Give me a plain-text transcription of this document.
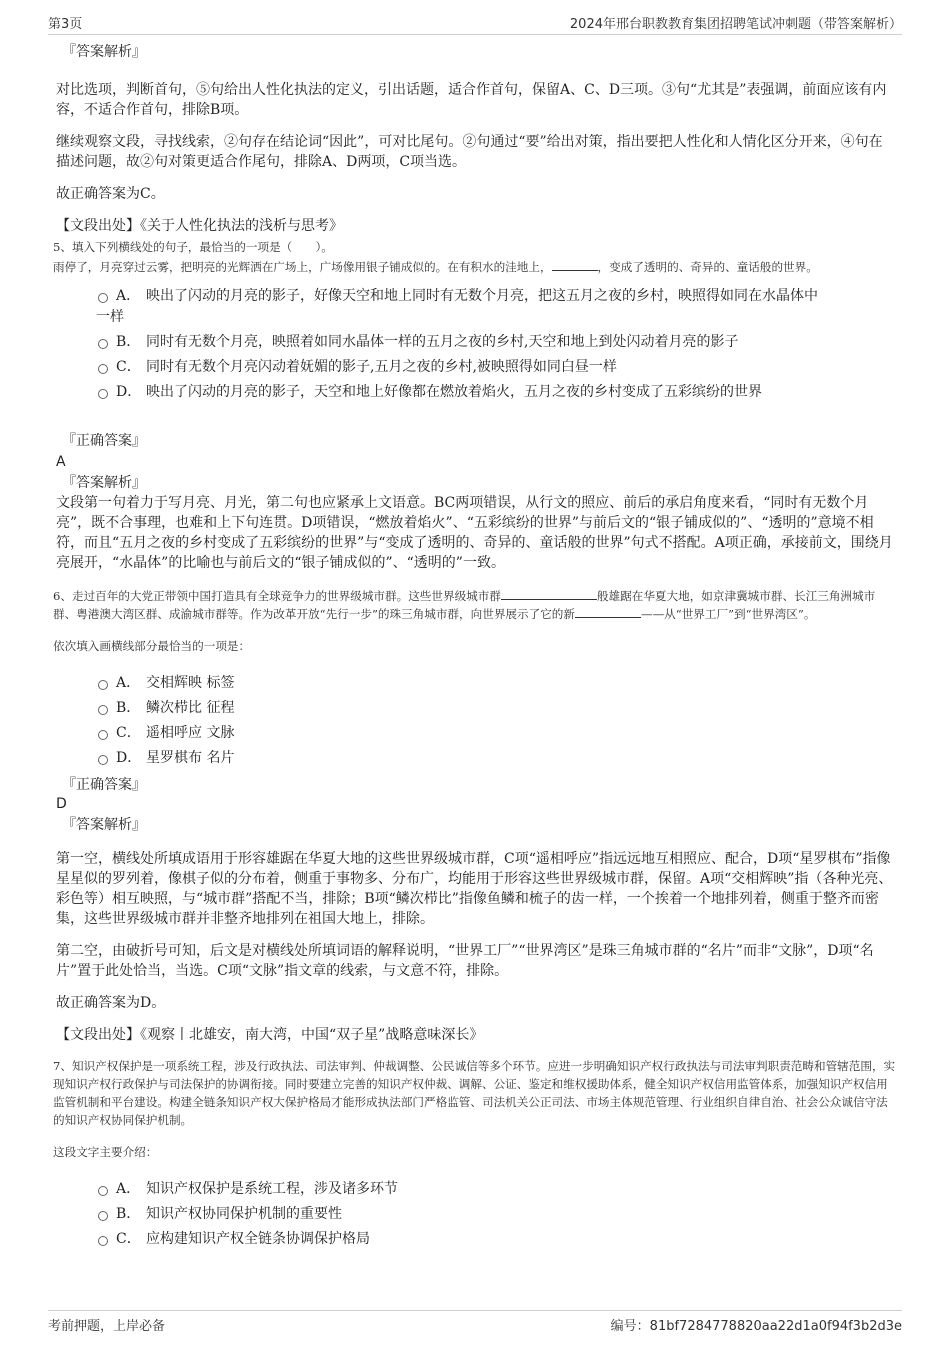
第3页	2024年邢台职教教育集团招聘笔试冲刺题（带答案解析）

『答案解析』

对比选项，判断首句，⑤句给出人性化执法的定义，引出话题，适合作首句，保留A、C、D三项。③句“尤其是”表强调，前面应该有内容，不适合作首句，排除B项。

继续观察文段，寻找线索，②句存在结论词“因此”，可对比尾句。②句通过“要”给出对策，指出要把人性化和人情化区分开来，④句在描述问题，故②句对策更适合作尾句，排除A、D两项，C项当选。

故正确答案为C。

【文段出处】《关于人性化执法的浅析与思考》

5、填入下列横线处的句子，最恰当的一项是（　　）。

雨停了，月亮穿过云雾，把明亮的光辉洒在广场上，广场像用银子铺成似的。在有积水的洼地上，	，变成了透明的、奇异的、童话般的世界。

A． 映出了闪动的月亮的影子，好像天空和地上同时有无数个月亮，把这五月之夜的乡村，映照得如同在水晶体中
一样
B． 同时有无数个月亮，映照着如同水晶体一样的五月之夜的乡村,天空和地上到处闪动着月亮的影子
C． 同时有无数个月亮闪动着妩媚的影子,五月之夜的乡村,被映照得如同白昼一样
D． 映出了闪动的月亮的影子，天空和地上好像都在燃放着焰火，五月之夜的乡村变成了五彩缤纷的世界

『正确答案』

A

『答案解析』

文段第一句着力于写月亮、月光，第二句也应紧承上文语意。BC两项错误，从行文的照应、前后的承启角度来看，“同时有无数个月亮”，既不合事理，也难和上下句连贯。D项错误，“燃放着焰火”、“五彩缤纷的世界”与前后文的“银子铺成似的”、“透明的”意境不相符，而且“五月之夜的乡村变成了五彩缤纷的世界”与“变成了透明的、奇异的、童话般的世界”句式不搭配。A项正确，承接前文，围绕月亮展开，“水晶体”的比喻也与前后文的“银子铺成似的”、“透明的”一致。

6、走过百年的大党正带领中国打造具有全球竞争力的世界级城市群。这些世界级城市群	般雄踞在华夏大地，如京津冀城市群、长江三角洲城市群、粤港澳大湾区群、成渝城市群等。作为改革开放“先行一步”的珠三角城市群，向世界展示了它的新	——从“世界工厂”到“世界湾区”。

依次填入画横线部分最恰当的一项是：

A． 交相辉映 标签
B． 鳞次栉比 征程
C． 遥相呼应 文脉
D． 星罗棋布 名片

『正确答案』

D

『答案解析』

第一空，横线处所填成语用于形容雄踞在华夏大地的这些世界级城市群，C项“遥相呼应”指远远地互相照应、配合，D项“星罗棋布”指像星星似的罗列着，像棋子似的分布着，侧重于事物多、分布广，均能用于形容这些世界级城市群，保留。A项“交相辉映”指（各种光亮、彩色等）相互映照，与“城市群”搭配不当，排除；B项“鳞次栉比”指像鱼鳞和梳子的齿一样，一个挨着一个地排列着，侧重于整齐而密集，这些世界级城市群并非整齐地排列在祖国大地上，排除。

第二空，由破折号可知，后文是对横线处所填词语的解释说明，“世界工厂”“世界湾区”是珠三角城市群的“名片”而非“文脉”，D项“名片”置于此处恰当，当选。C项“文脉”指文章的线索，与文意不符，排除。

故正确答案为D。

【文段出处】《观察丨北雄安，南大湾，中国“双子星”战略意味深长》

7、知识产权保护是一项系统工程，涉及行政执法、司法审判、仲裁调整、公民诚信等多个环节。应进一步明确知识产权行政执法与司法审判职责范畴和管辖范围，实现知识产权行政保护与司法保护的协调衔接。同时要建立完善的知识产权仲裁、调解、公证、鉴定和维权援助体系，健全知识产权信用监管体系，加强知识产权信用监管机制和平台建设。构建全链条知识产权大保护格局才能形成执法部门严格监管、司法机关公正司法、市场主体规范管理、行业组织自律自治、社会公众诚信守法的知识产权协同保护机制。

这段文字主要介绍：

A． 知识产权保护是系统工程，涉及诸多环节
B． 知识产权协同保护机制的重要性
C． 应构建知识产权全链条协调保护格局
考前押题，上岸必备	编号：81bf7284778820aa22d1a0f94f3b2d3e
